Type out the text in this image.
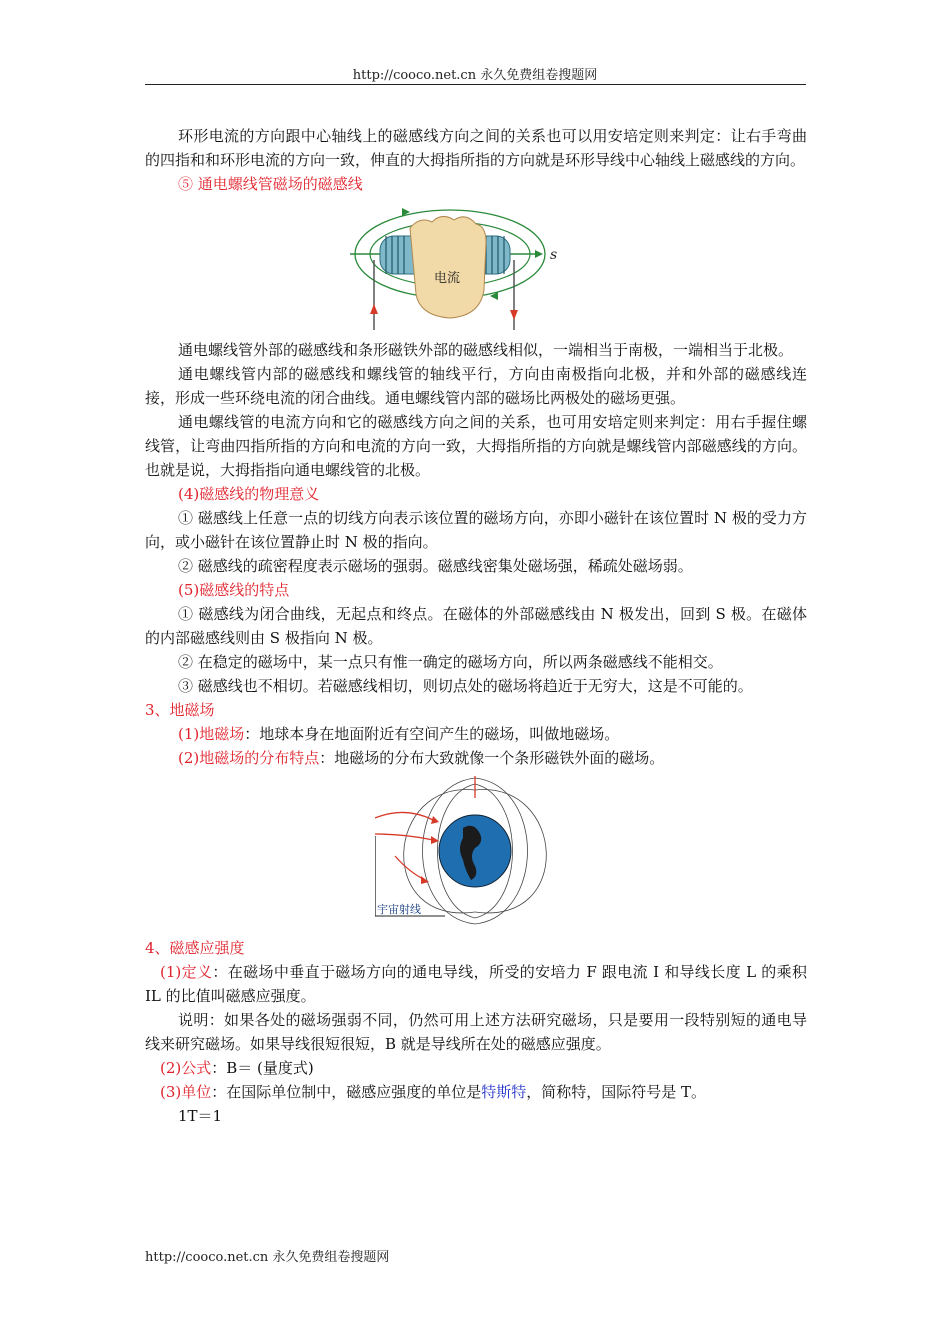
http://cooco.net.cn 永久免费组卷搜题网

环形电流的方向跟中心轴线上的磁感线方向之间的关系也可以用安培定则来判定：让右手弯曲的四指和和环形电流的方向一致，伸直的大拇指所指的方向就是环形导线中心轴线上磁感线的方向。

⑤ 通电螺线管磁场的磁感线

电流
s

通电螺线管外部的磁感线和条形磁铁外部的磁感线相似，一端相当于南极，一端相当于北极。

通电螺线管内部的磁感线和螺线管的轴线平行，方向由南极指向北极，并和外部的磁感线连接，形成一些环绕电流的闭合曲线。通电螺线管内部的磁场比两极处的磁场更强。

通电螺线管的电流方向和它的磁感线方向之间的关系，也可用安培定则来判定：用右手握住螺线管，让弯曲四指所指的方向和电流的方向一致，大拇指所指的方向就是螺线管内部磁感线的方向。也就是说，大拇指指向通电螺线管的北极。

(4)磁感线的物理意义

① 磁感线上任意一点的切线方向表示该位置的磁场方向，亦即小磁针在该位置时 N 极的受力方向，或小磁针在该位置静止时 N 极的指向。

② 磁感线的疏密程度表示磁场的强弱。磁感线密集处磁场强，稀疏处磁场弱。

(5)磁感线的特点

① 磁感线为闭合曲线，无起点和终点。在磁体的外部磁感线由 N 极发出，回到 S 极。在磁体的内部磁感线则由 S 极指向 N 极。

② 在稳定的磁场中，某一点只有惟一确定的磁场方向，所以两条磁感线不能相交。

③ 磁感线也不相切。若磁感线相切，则切点处的磁场将趋近于无穷大，这是不可能的。

3、地磁场

(1)地磁场：地球本身在地面附近有空间产生的磁场，叫做地磁场。

(2)地磁场的分布特点：地磁场的分布大致就像一个条形磁铁外面的磁场。

宇宙射线

4、磁感应强度

(1)定义：在磁场中垂直于磁场方向的通电导线，所受的安培力 F 跟电流 I 和导线长度 L 的乘积 IL 的比值叫磁感应强度。

说明：如果各处的磁场强弱不同，仍然可用上述方法研究磁场，只是要用一段特别短的通电导线来研究磁场。如果导线很短很短，B 就是导线所在处的磁感应强度。

(2)公式：B＝ (量度式)

(3)单位：在国际单位制中，磁感应强度的单位是特斯特，简称特，国际符号是 T。

1T＝1

http://cooco.net.cn 永久免费组卷搜题网
